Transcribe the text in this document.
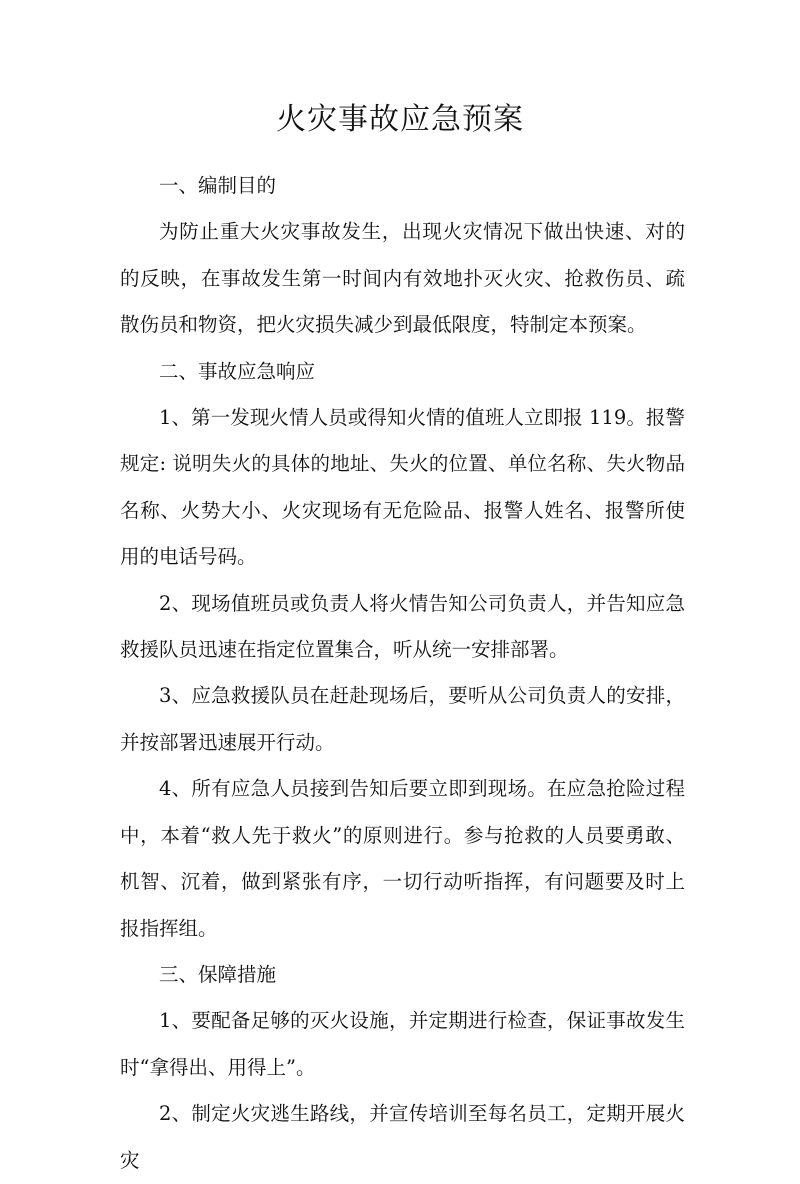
火灾事故应急预案

一、编制目的

为防止重大火灾事故发生，出现火灾情况下做出快速、对的的反映，在事故发生第一时间内有效地扑灭火灾、抢救伤员、疏散伤员和物资，把火灾损失减少到最低限度，特制定本预案。

二、事故应急响应

1、第一发现火情人员或得知火情的值班人立即报 119。报警规定: 说明失火的具体的地址、失火的位置、单位名称、失火物品名称、火势大小、火灾现场有无危险品、报警人姓名、报警所使用的电话号码。

2、现场值班员或负责人将火情告知公司负责人，并告知应急救援队员迅速在指定位置集合，听从统一安排部署。

3、应急救援队员在赶赴现场后，要听从公司负责人的安排，并按部署迅速展开行动。

4、所有应急人员接到告知后要立即到现场。在应急抢险过程中，本着“救人先于救火”的原则进行。参与抢救的人员要勇敢、机智、沉着，做到紧张有序，一切行动听指挥，有问题要及时上报指挥组。

三、保障措施

1、要配备足够的灭火设施，并定期进行检查，保证事故发生时“拿得出、用得上”。

2、制定火灾逃生路线，并宣传培训至每名员工，定期开展火灾
